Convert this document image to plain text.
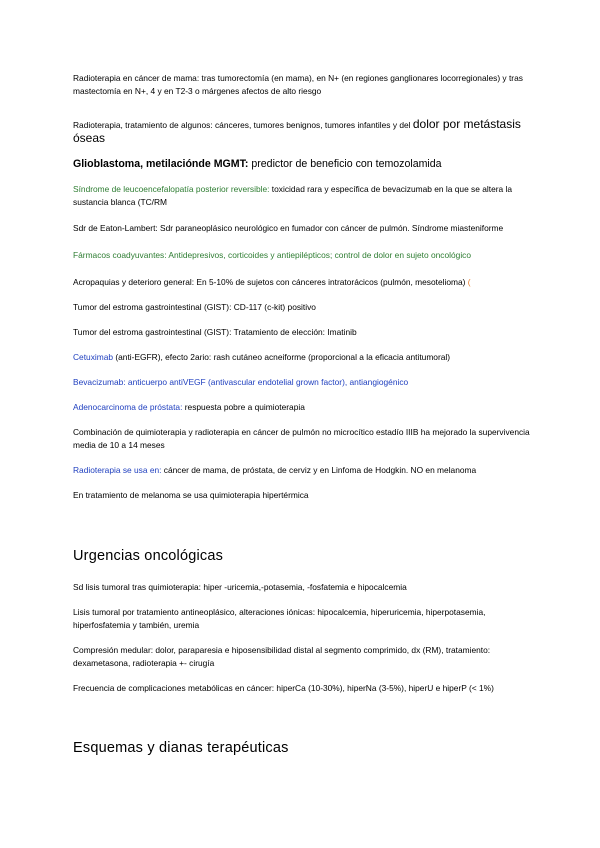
Radioterapia en cáncer de mama: tras tumorectomía (en mama), en N+ (en regiones ganglionares locorregionales) y tras mastectomía en N+, 4 y en T2-3 o márgenes afectos de alto riesgo

Radioterapia, tratamiento de algunos: cánceres, tumores benignos, tumores infantiles y del dolor por metástasis óseas

Glioblastoma, metilaciónde MGMT: predictor de beneficio con temozolamida

Síndrome de leucoencefalopatía posterior reversible: toxicidad rara y específica de bevacizumab en la que se altera la sustancia blanca (TC/RM

Sdr de Eaton-Lambert: Sdr paraneoplásico neurológico en fumador con cáncer de pulmón. Síndrome miasteniforme

Fármacos coadyuvantes: Antidepresivos, corticoides y antiepilépticos; control de dolor en sujeto oncológico

Acropaquias y deterioro general: En 5-10% de sujetos con cánceres intratorácicos (pulmón, mesotelioma) (

Tumor del estroma gastrointestinal (GIST): CD-117 (c-kit) positivo

Tumor del estroma gastrointestinal (GIST): Tratamiento de elección: Imatinib

Cetuximab (anti-EGFR), efecto 2ario: rash cutáneo acneiforme (proporcional a la eficacia antitumoral)

Bevacizumab: anticuerpo antiVEGF (antivascular endotelial grown factor), antiangiogénico

Adenocarcinoma de próstata: respuesta pobre a quimioterapia

Combinación de quimioterapia y radioterapia en cáncer de pulmón no microcítico estadío IIIB ha mejorado la supervivencia media de 10 a 14 meses

Radioterapia se usa en: cáncer de mama, de próstata, de cerviz y en Linfoma de Hodgkin. NO en melanoma

En tratamiento de melanoma se usa quimioterapia hipertérmica

Urgencias oncológicas

Sd lisis tumoral tras quimioterapia: hiper -uricemia,-potasemia, -fosfatemia e hipocalcemia

Lisis tumoral por tratamiento antineoplásico, alteraciones iónicas: hipocalcemia, hiperuricemia, hiperpotasemia, hiperfosfatemia y también, uremia

Compresión medular: dolor, paraparesia e hiposensibilidad distal al segmento comprimido, dx (RM), tratamiento: dexametasona, radioterapia +- cirugía

Frecuencia de complicaciones metabólicas en cáncer: hiperCa (10-30%), hiperNa (3-5%), hiperU e hiperP (< 1%)

Esquemas y dianas terapéuticas
